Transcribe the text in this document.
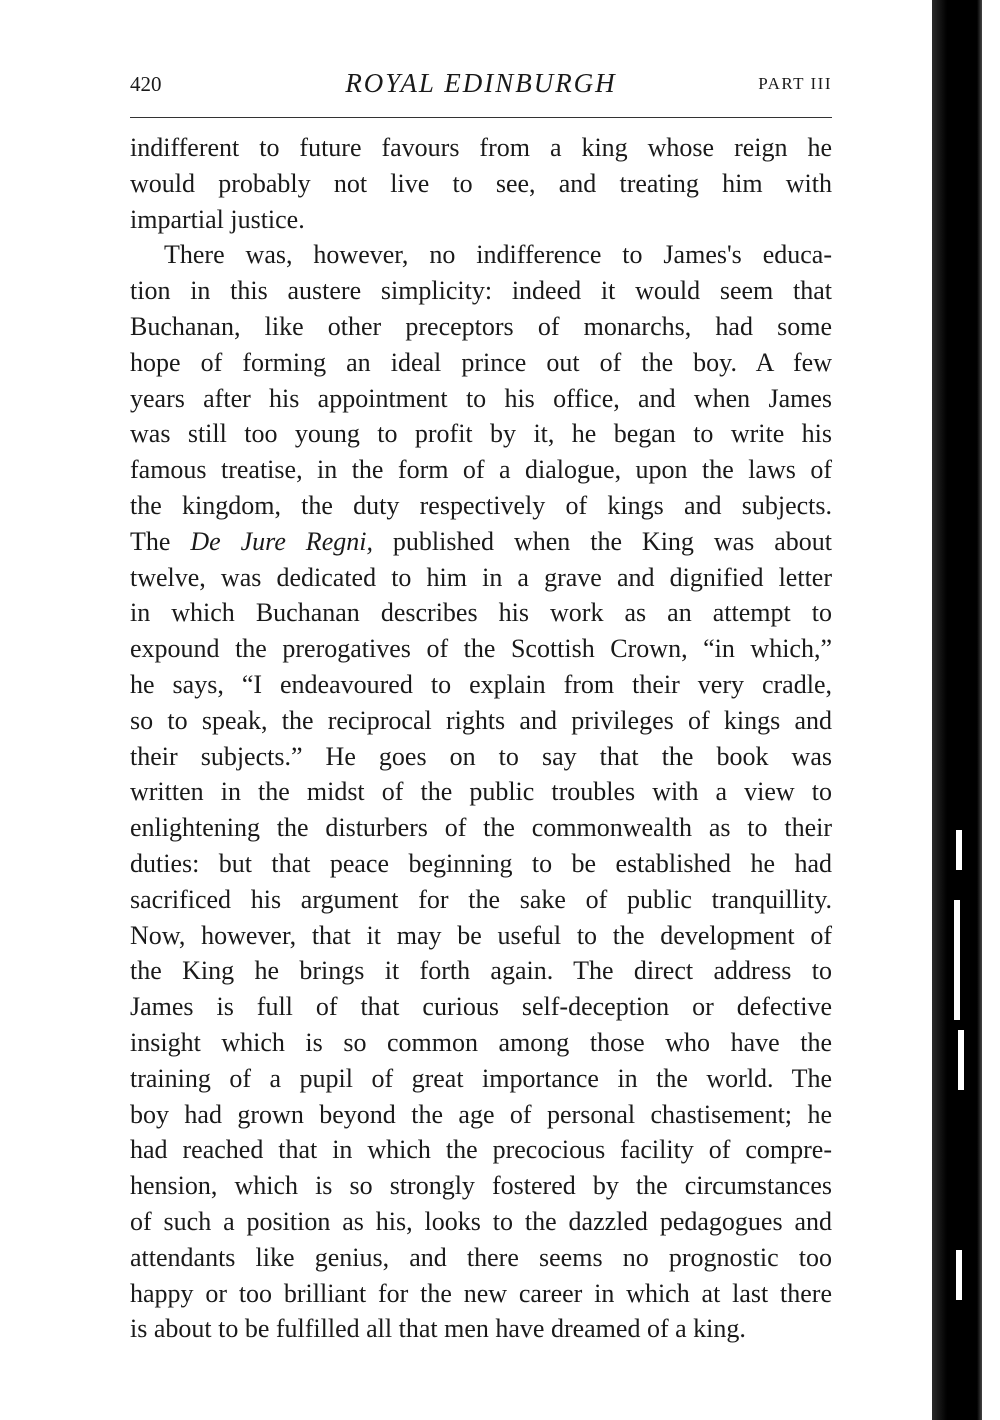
420	ROYAL EDINBURGH	PART III

indifferent to future favours from a king whose reign he

would probably not live to see, and treating him with

impartial justice.

There was, however, no indifference to James's educa-

tion in this austere simplicity: indeed it would seem that

Buchanan, like other preceptors of monarchs, had some

hope of forming an ideal prince out of the boy. A few

years after his appointment to his office, and when James

was still too young to profit by it, he began to write his

famous treatise, in the form of a dialogue, upon the laws of

the kingdom, the duty respectively of kings and subjects.

The De Jure Regni, published when the King was about

twelve, was dedicated to him in a grave and dignified letter

in which Buchanan describes his work as an attempt to

expound the prerogatives of the Scottish Crown, “in which,”

he says, “I endeavoured to explain from their very cradle,

so to speak, the reciprocal rights and privileges of kings and

their subjects.” He goes on to say that the book was

written in the midst of the public troubles with a view to

enlightening the disturbers of the commonwealth as to their

duties: but that peace beginning to be established he had

sacrificed his argument for the sake of public tranquillity.

Now, however, that it may be useful to the development of

the King he brings it forth again. The direct address to

James is full of that curious self-deception or defective

insight which is so common among those who have the

training of a pupil of great importance in the world. The

boy had grown beyond the age of personal chastisement; he

had reached that in which the precocious facility of compre-

hension, which is so strongly fostered by the circumstances

of such a position as his, looks to the dazzled pedagogues and

attendants like genius, and there seems no prognostic too

happy or too brilliant for the new career in which at last there

is about to be fulfilled all that men have dreamed of a king.
